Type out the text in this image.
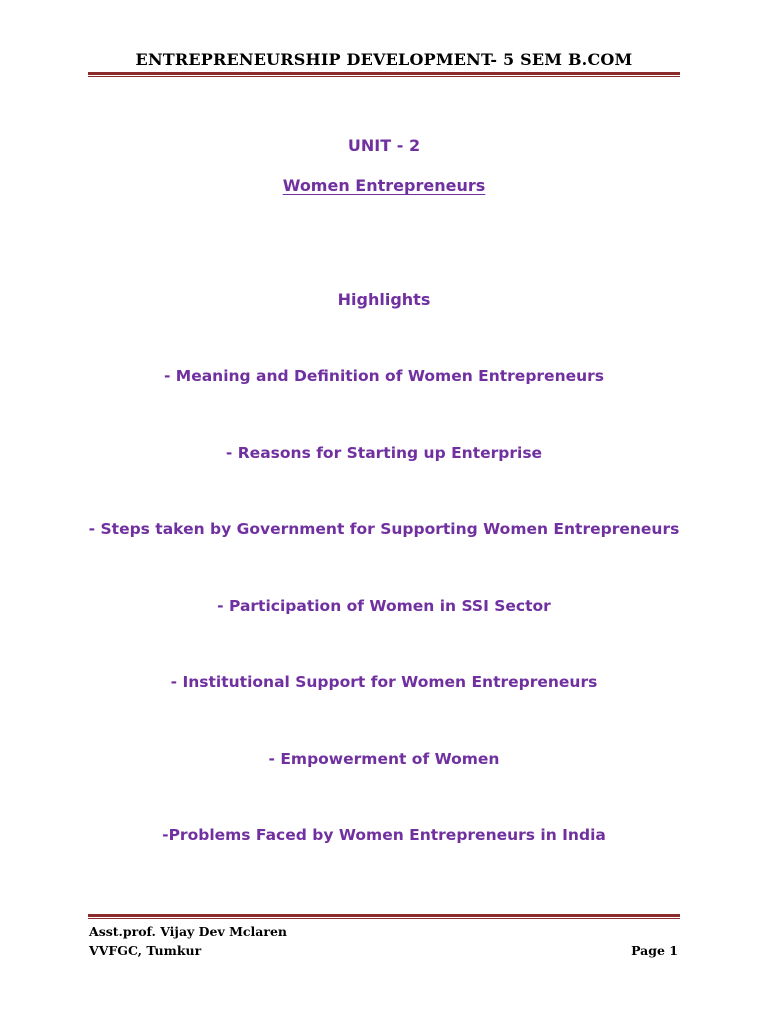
ENTREPRENEURSHIP DEVELOPMENT- 5 SEM B.COM
UNIT - 2
Women Entrepreneurs
Highlights
- Meaning and Definition of Women Entrepreneurs
- Reasons for Starting up Enterprise
- Steps taken by Government for Supporting Women Entrepreneurs
- Participation of Women in SSI Sector
- Institutional Support for Women Entrepreneurs
- Empowerment of Women
-Problems Faced by Women Entrepreneurs in India
Asst.prof. Vijay Dev Mclaren
VVFGC, Tumkur	Page 1
